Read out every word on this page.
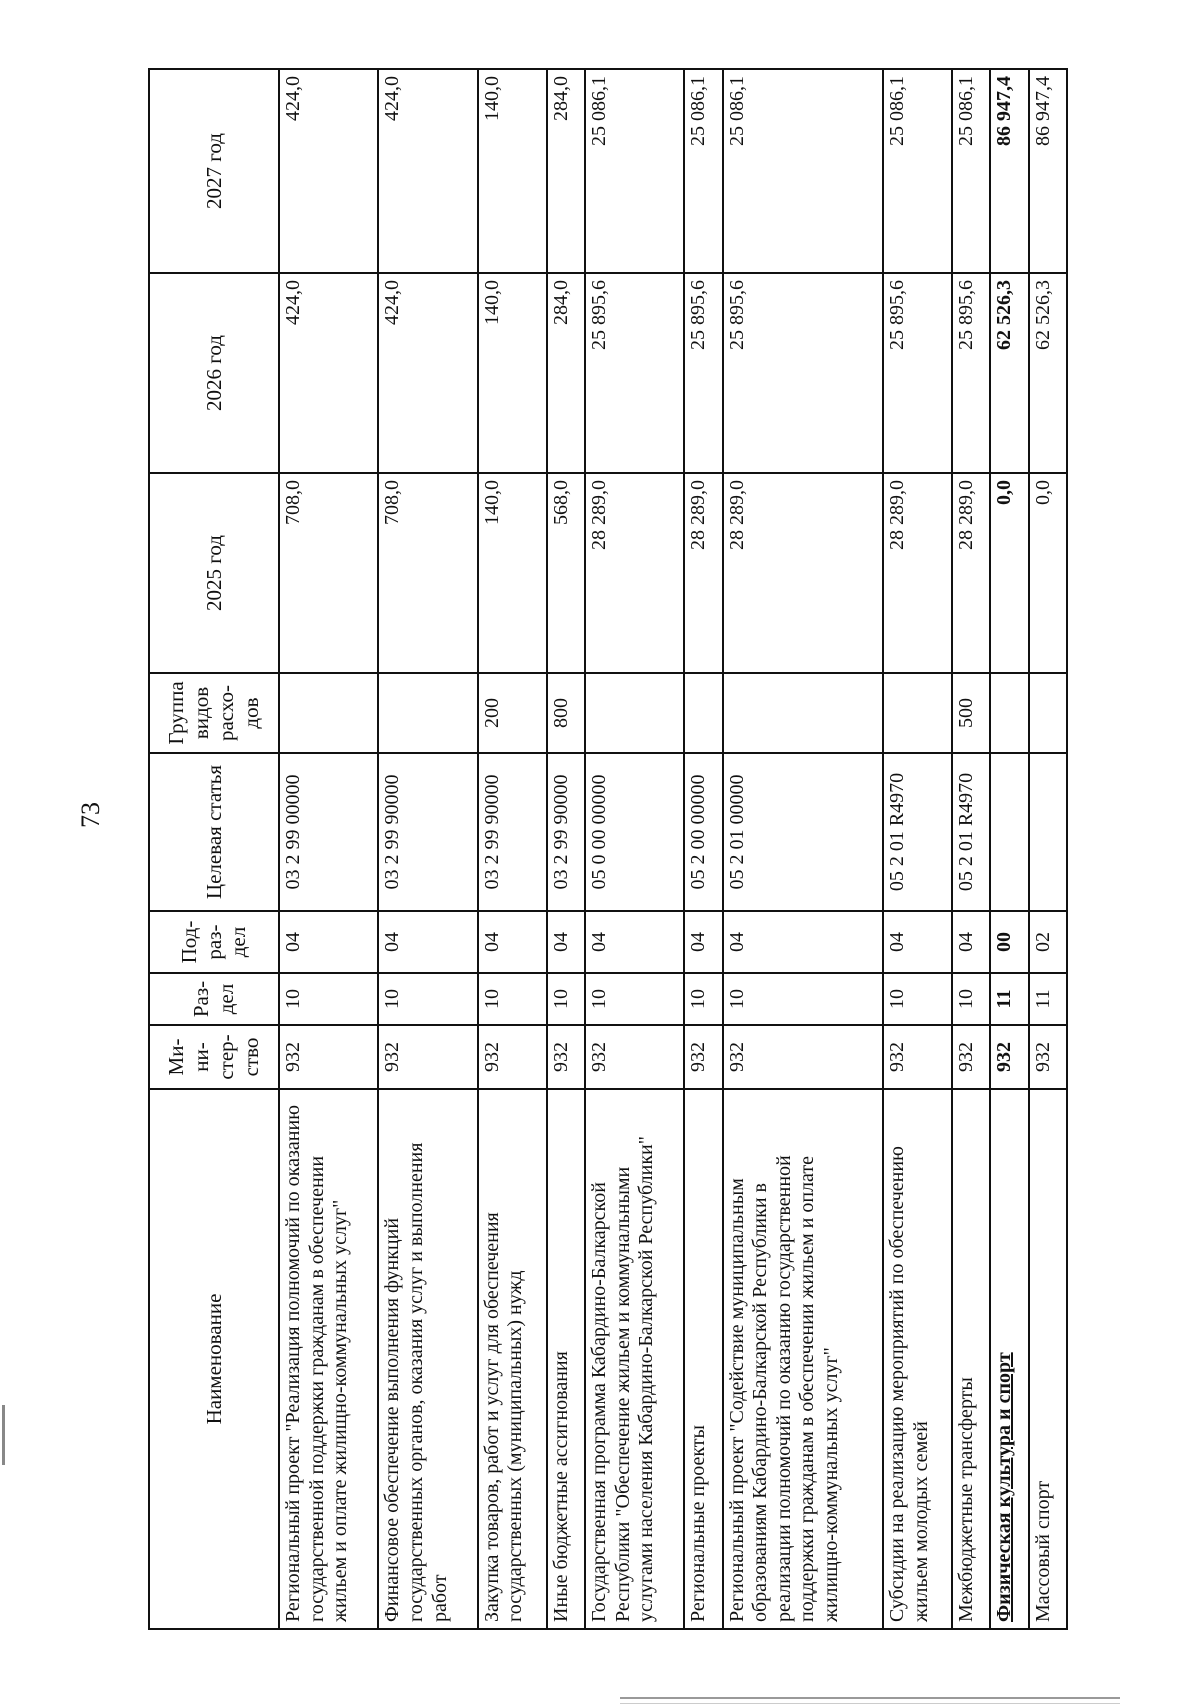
73
Наименование	Ми-ни-стер-ство	Раз-дел	Под-раз-дел	Целевая статья	Группа видов расхо-дов	2025 год	2026 год	2027 год
Региональный проект "Реализация полномочий по оказанию государственной поддержки гражданам в обеспечении жильем и оплате жилищно-коммунальных услуг"	932	10	04	03 2 99 00000		708,0	424,0	424,0
Финансовое обеспечение выполнения функций государственных органов, оказания услуг и выполнения работ	932	10	04	03 2 99 90000		708,0	424,0	424,0
Закупка товаров, работ и услуг для обеспечения государственных (муниципальных) нужд	932	10	04	03 2 99 90000	200	140,0	140,0	140,0
Иные бюджетные ассигнования	932	10	04	03 2 99 90000	800	568,0	284,0	284,0
Государственная программа Кабардино-Балкарской Республики "Обеспечение жильем и коммунальными услугами населения Кабардино-Балкарской Республики"	932	10	04	05 0 00 00000		28 289,0	25 895,6	25 086,1
Региональные проекты	932	10	04	05 2 00 00000		28 289,0	25 895,6	25 086,1
Региональный проект "Содействие муниципальным образованиям Кабардино-Балкарской Республики в реализации полномочий по оказанию государственной поддержки гражданам в обеспечении жильем и оплате жилищно-коммунальных услуг"	932	10	04	05 2 01 00000		28 289,0	25 895,6	25 086,1
Субсидии на реализацию мероприятий по обеспечению жильем молодых семей	932	10	04	05 2 01 R4970		28 289,0	25 895,6	25 086,1
Межбюджетные трансферты	932	10	04	05 2 01 R4970	500	28 289,0	25 895,6	25 086,1
Физическая культура и спорт	932	11	00			0,0	62 526,3	86 947,4
Массовый спорт	932	11	02			0,0	62 526,3	86 947,4
